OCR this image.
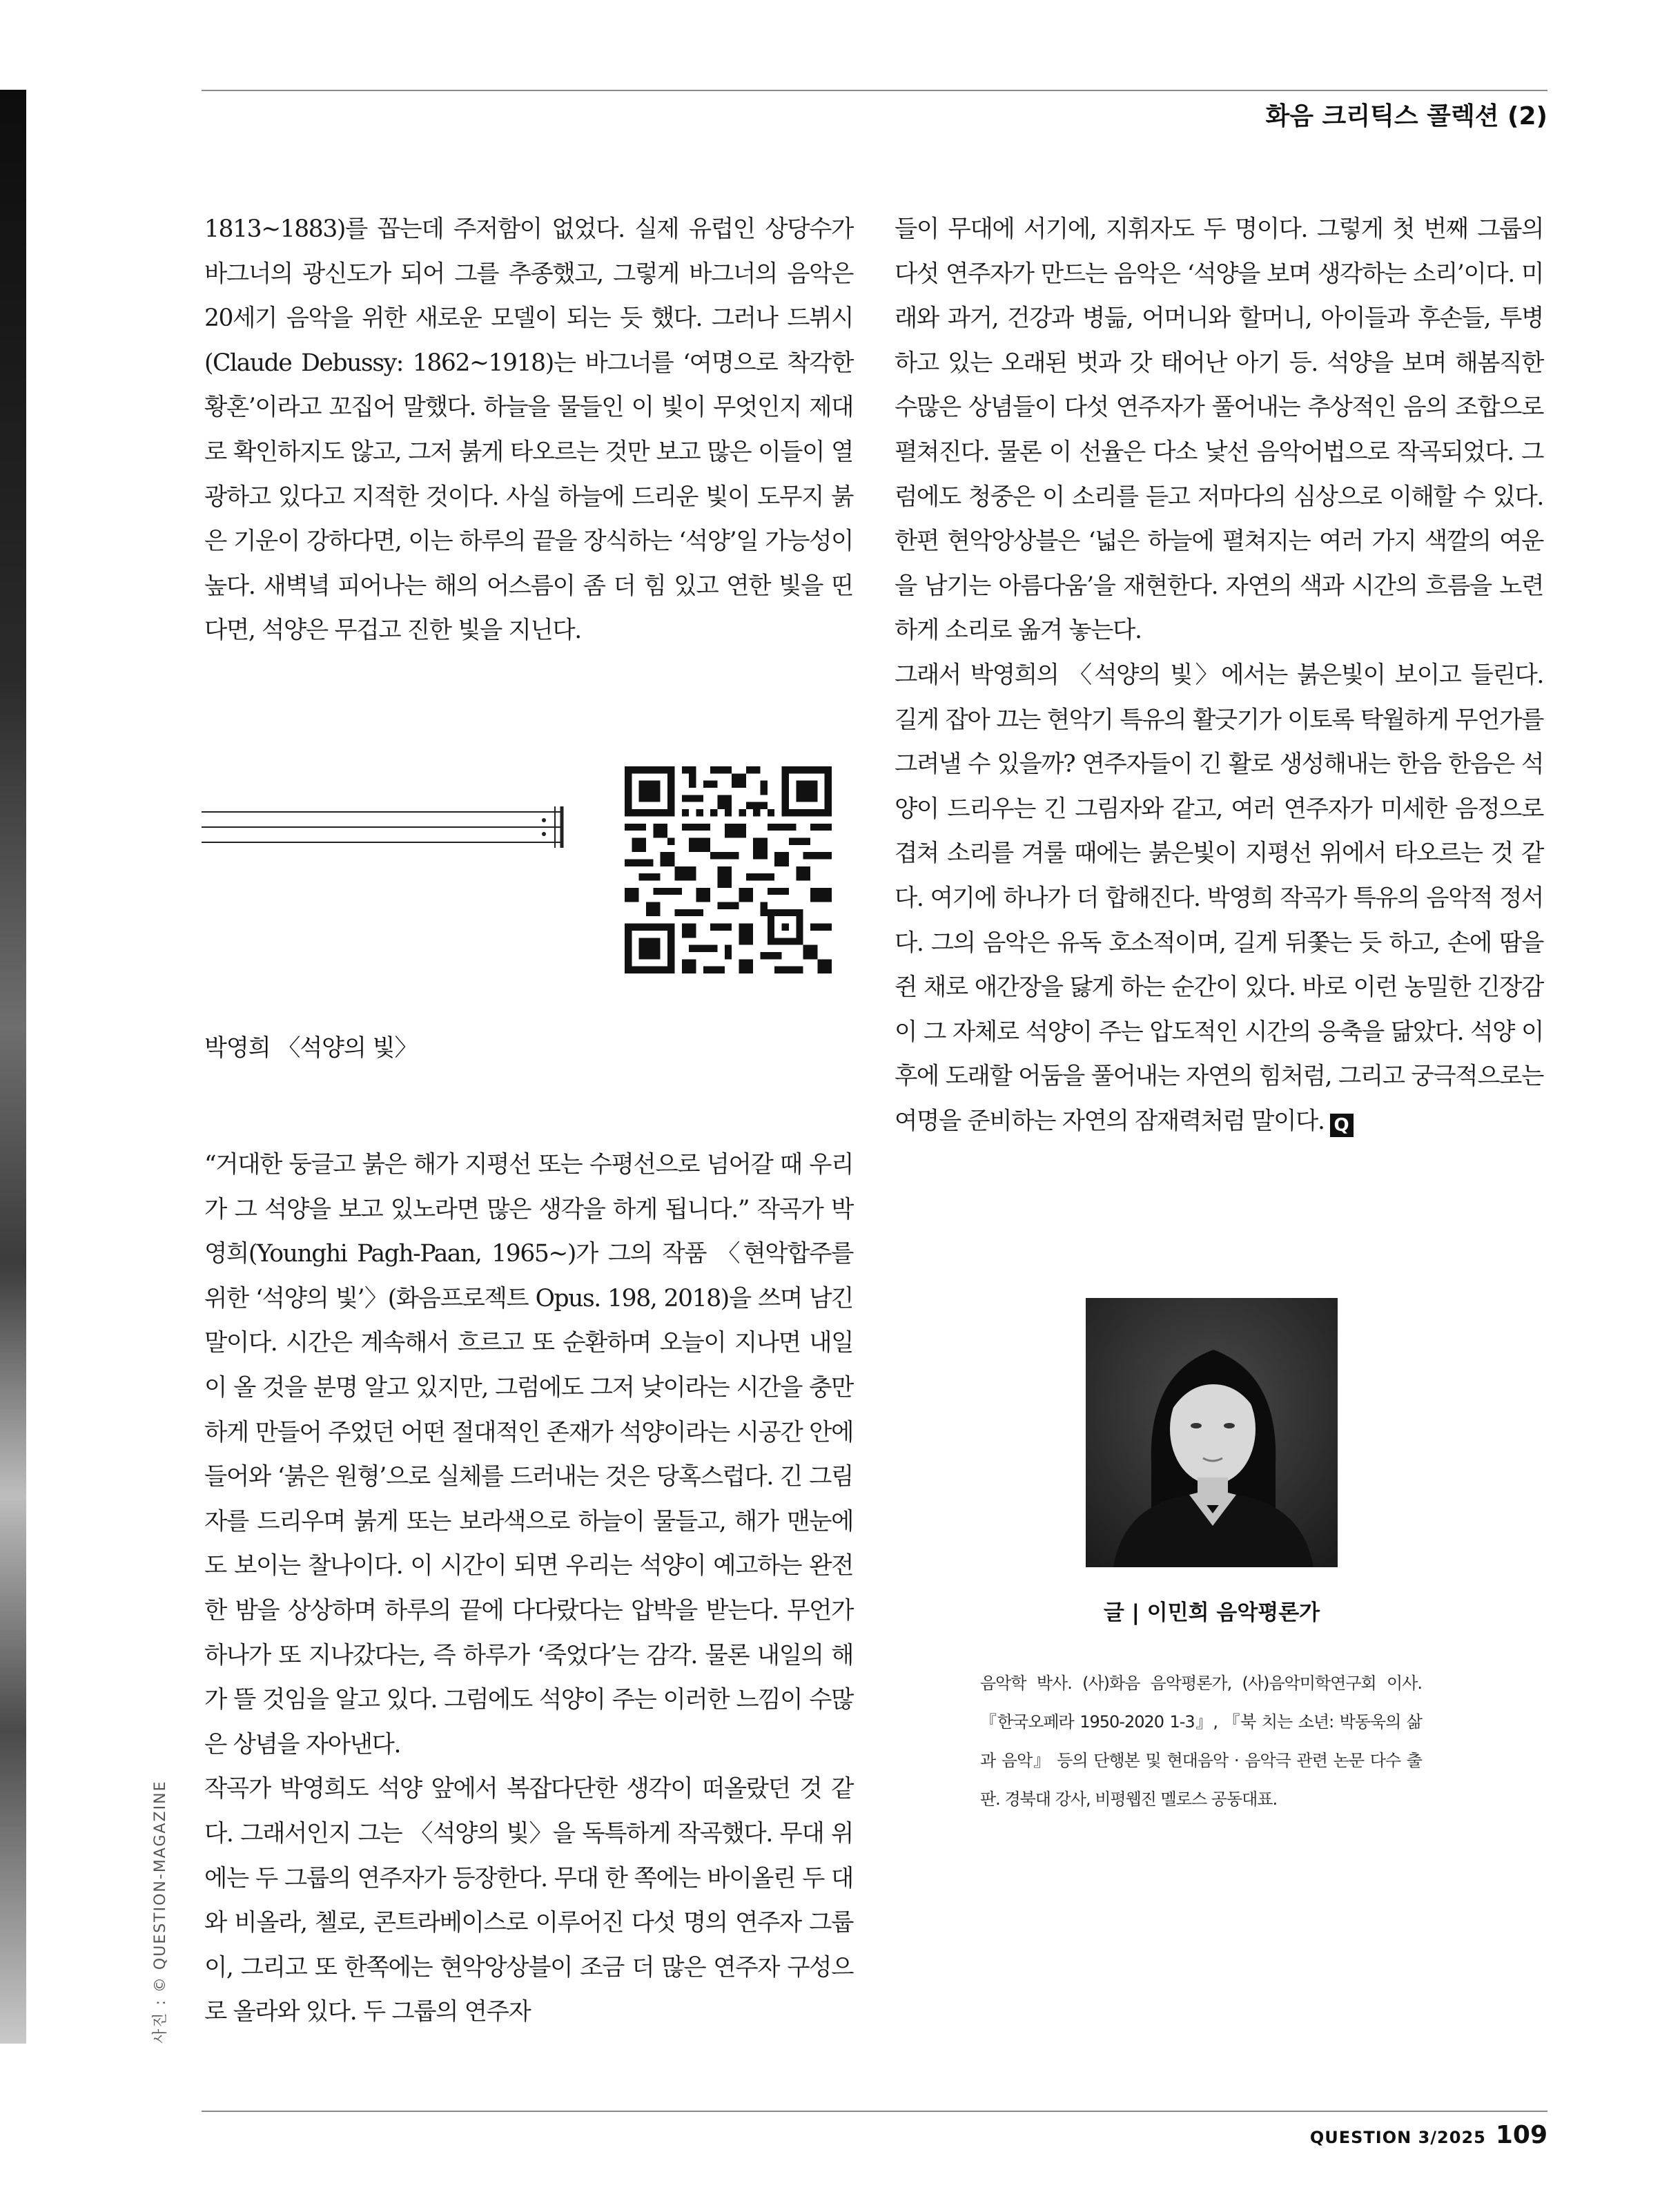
사진 : © QUESTION-MAGAZINE
화음 크리틱스 콜렉션 (2)

1813~1883)를 꼽는데 주저함이 없었다. 실제 유럽인 상당수가 바그너의 광신도가 되어 그를 추종했고, 그렇게 바그너의 음악은 20세기 음악을 위한 새로운 모델이 되는 듯 했다. 그러나 드뷔시(Claude Debussy: 1862~1918)는 바그너를 ‘여명으로 착각한 황혼’이라고 꼬집어 말했다. 하늘을 물들인 이 빛이 무엇인지 제대로 확인하지도 않고, 그저 붉게 타오르는 것만 보고 많은 이들이 열광하고 있다고 지적한 것이다. 사실 하늘에 드리운 빛이 도무지 붉은 기운이 강하다면, 이는 하루의 끝을 장식하는 ‘석양’일 가능성이 높다. 새벽녘 피어나는 해의 어스름이 좀 더 힘 있고 연한 빛을 띤다면, 석양은 무겁고 진한 빛을 지닌다.

박영희 〈석양의 빛〉

“거대한 둥글고 붉은 해가 지평선 또는 수평선으로 넘어갈 때 우리가 그 석양을 보고 있노라면 많은 생각을 하게 됩니다.” 작곡가 박영희(Younghi Pagh-Paan, 1965~)가 그의 작품 〈현악합주를 위한 ‘석양의 빛’〉(화음프로젝트 Opus. 198, 2018)을 쓰며 남긴 말이다. 시간은 계속해서 흐르고 또 순환하며 오늘이 지나면 내일이 올 것을 분명 알고 있지만, 그럼에도 그저 낮이라는 시간을 충만하게 만들어 주었던 어떤 절대적인 존재가 석양이라는 시공간 안에 들어와 ‘붉은 원형’으로 실체를 드러내는 것은 당혹스럽다. 긴 그림자를 드리우며 붉게 또는 보라색으로 하늘이 물들고, 해가 맨눈에도 보이는 찰나이다. 이 시간이 되면 우리는 석양이 예고하는 완전한 밤을 상상하며 하루의 끝에 다다랐다는 압박을 받는다. 무언가 하나가 또 지나갔다는, 즉 하루가 ‘죽었다’는 감각. 물론 내일의 해가 뜰 것임을 알고 있다. 그럼에도 석양이 주는 이러한 느낌이 수많은 상념을 자아낸다.

작곡가 박영희도 석양 앞에서 복잡다단한 생각이 떠올랐던 것 같다. 그래서인지 그는 〈석양의 빛〉을 독특하게 작곡했다. 무대 위에는 두 그룹의 연주자가 등장한다. 무대 한 쪽에는 바이올린 두 대와 비올라, 첼로, 콘트라베이스로 이루어진 다섯 명의 연주자 그룹이, 그리고 또 한쪽에는 현악앙상블이 조금 더 많은 연주자 구성으로 올라와 있다. 두 그룹의 연주자

들이 무대에 서기에, 지휘자도 두 명이다. 그렇게 첫 번째 그룹의 다섯 연주자가 만드는 음악은 ‘석양을 보며 생각하는 소리’이다. 미래와 과거, 건강과 병듦, 어머니와 할머니, 아이들과 후손들, 투병하고 있는 오래된 벗과 갓 태어난 아기 등. 석양을 보며 해봄직한 수많은 상념들이 다섯 연주자가 풀어내는 추상적인 음의 조합으로 펼쳐진다. 물론 이 선율은 다소 낯선 음악어법으로 작곡되었다. 그럼에도 청중은 이 소리를 듣고 저마다의 심상으로 이해할 수 있다. 한편 현악앙상블은 ‘넓은 하늘에 펼쳐지는 여러 가지 색깔의 여운을 남기는 아름다움’을 재현한다. 자연의 색과 시간의 흐름을 노련하게 소리로 옮겨 놓는다.

그래서 박영희의 〈석양의 빛〉에서는 붉은빛이 보이고 들린다. 길게 잡아 끄는 현악기 특유의 활긋기가 이토록 탁월하게 무언가를 그려낼 수 있을까? 연주자들이 긴 활로 생성해내는 한음 한음은 석양이 드리우는 긴 그림자와 같고, 여러 연주자가 미세한 음정으로 겹쳐 소리를 겨룰 때에는 붉은빛이 지평선 위에서 타오르는 것 같다. 여기에 하나가 더 합해진다. 박영희 작곡가 특유의 음악적 정서다. 그의 음악은 유독 호소적이며, 길게 뒤쫓는 듯 하고, 손에 땀을 쥔 채로 애간장을 닳게 하는 순간이 있다. 바로 이런 농밀한 긴장감이 그 자체로 석양이 주는 압도적인 시간의 응축을 닮았다. 석양 이후에 도래할 어둠을 풀어내는 자연의 힘처럼, 그리고 궁극적으로는 여명을 준비하는 자연의 잠재력처럼 말이다. Q

글 | 이민희 음악평론가
음악학 박사. (사)화음 음악평론가, (사)음악미학연구회 이사. 『한국오페라 1950-2020 1-3』, 『북 치는 소년: 박동욱의 삶과 음악』 등의 단행본 및 현대음악 · 음악극 관련 논문 다수 출판. 경북대 강사, 비평웹진 멜로스 공동대표.
QUESTION 3/2025 109
